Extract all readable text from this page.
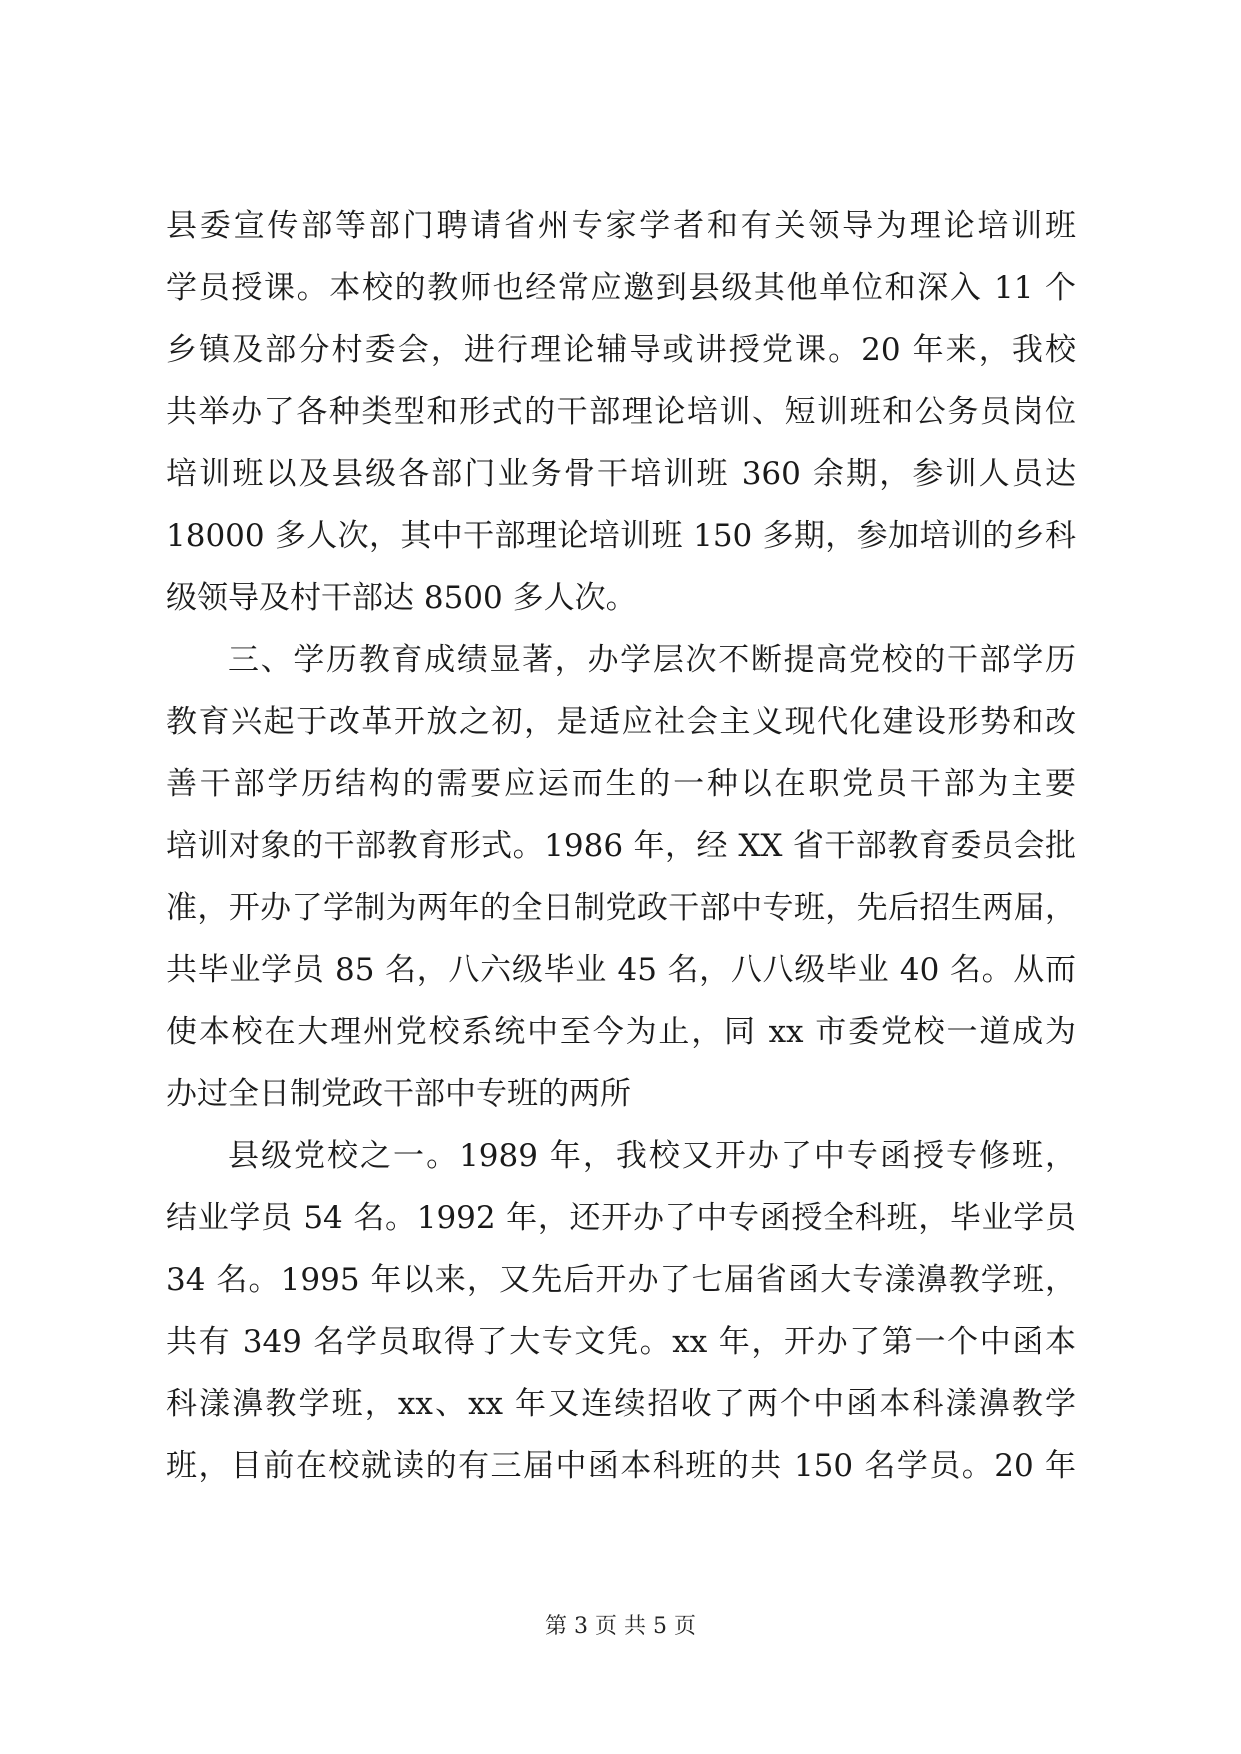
县委宣传部等部门聘请省州专家学者和有关领导为理论培训班
学员授课。本校的教师也经常应邀到县级其他单位和深入 11 个
乡镇及部分村委会，进行理论辅导或讲授党课。20 年来，我校
共举办了各种类型和形式的干部理论培训、短训班和公务员岗位
培训班以及县级各部门业务骨干培训班 360 余期，参训人员达
18000 多人次，其中干部理论培训班 150 多期，参加培训的乡科
级领导及村干部达 8500 多人次。
三、学历教育成绩显著，办学层次不断提高党校的干部学历
教育兴起于改革开放之初，是适应社会主义现代化建设形势和改
善干部学历结构的需要应运而生的一种以在职党员干部为主要
培训对象的干部教育形式。1986 年，经 XX 省干部教育委员会批
准，开办了学制为两年的全日制党政干部中专班，先后招生两届，
共毕业学员 85 名，八六级毕业 45 名，八八级毕业 40 名。从而
使本校在大理州党校系统中至今为止，同 xx 市委党校一道成为
办过全日制党政干部中专班的两所
县级党校之一。1989 年，我校又开办了中专函授专修班，
结业学员 54 名。1992 年，还开办了中专函授全科班，毕业学员
34 名。1995 年以来，又先后开办了七届省函大专漾濞教学班，
共有 349 名学员取得了大专文凭。xx 年，开办了第一个中函本
科漾濞教学班，xx、xx 年又连续招收了两个中函本科漾濞教学
班，目前在校就读的有三届中函本科班的共 150 名学员。20 年
第 3 页 共 5 页
